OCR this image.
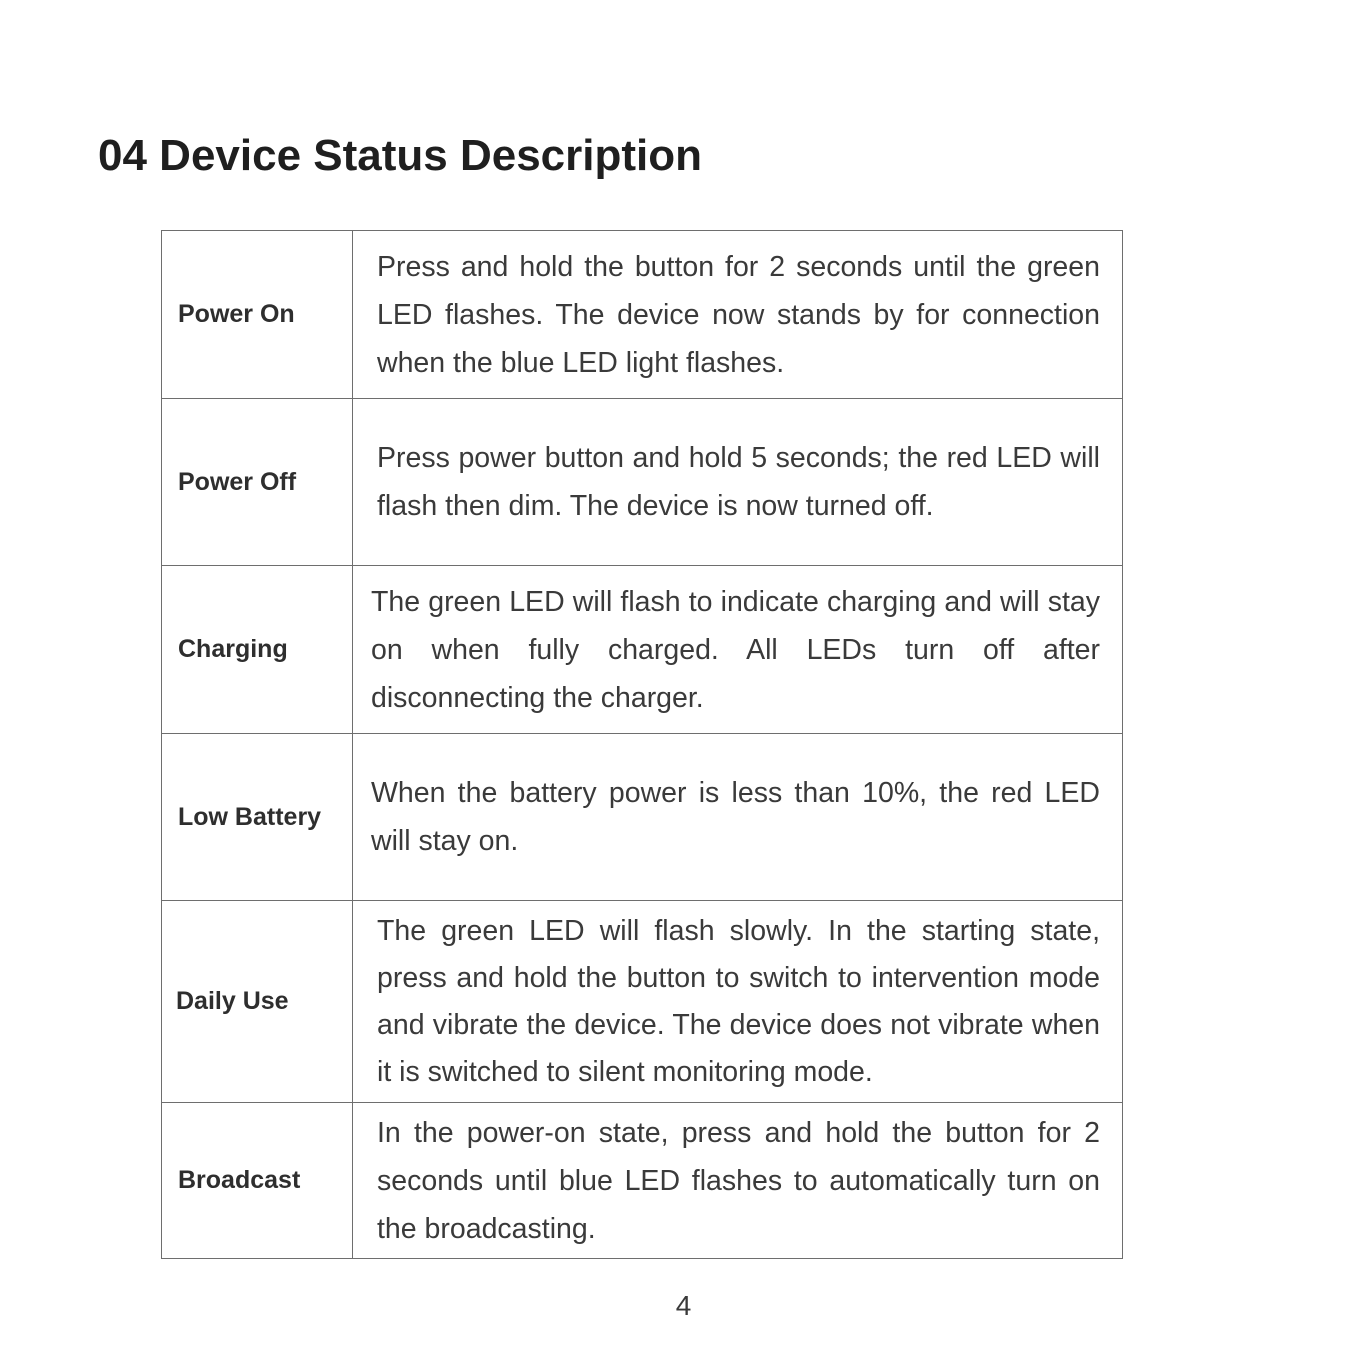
04 Device Status Description
Power On	Press and hold the button for 2 seconds until the green LED flashes. The device now stands by for connection when the blue LED light flashes.
Power Off	Press power button and hold 5 seconds; the red LED will flash then dim. The device is now turned off.
Charging	The green LED will flash to indicate charging and will stay on when fully charged. All LEDs turn off after disconnecting the charger.
Low Battery	When the battery power is less than 10%, the red LED will stay on.
Daily Use	The green LED will flash slowly. In the starting state, press and hold the button to switch to intervention mode and vibrate the device. The device does not vibrate when it is switched to silent monitoring mode.
Broadcast	In the power-on state, press and hold the button for 2 seconds until blue LED flashes to automatically turn on the broadcasting.
4
